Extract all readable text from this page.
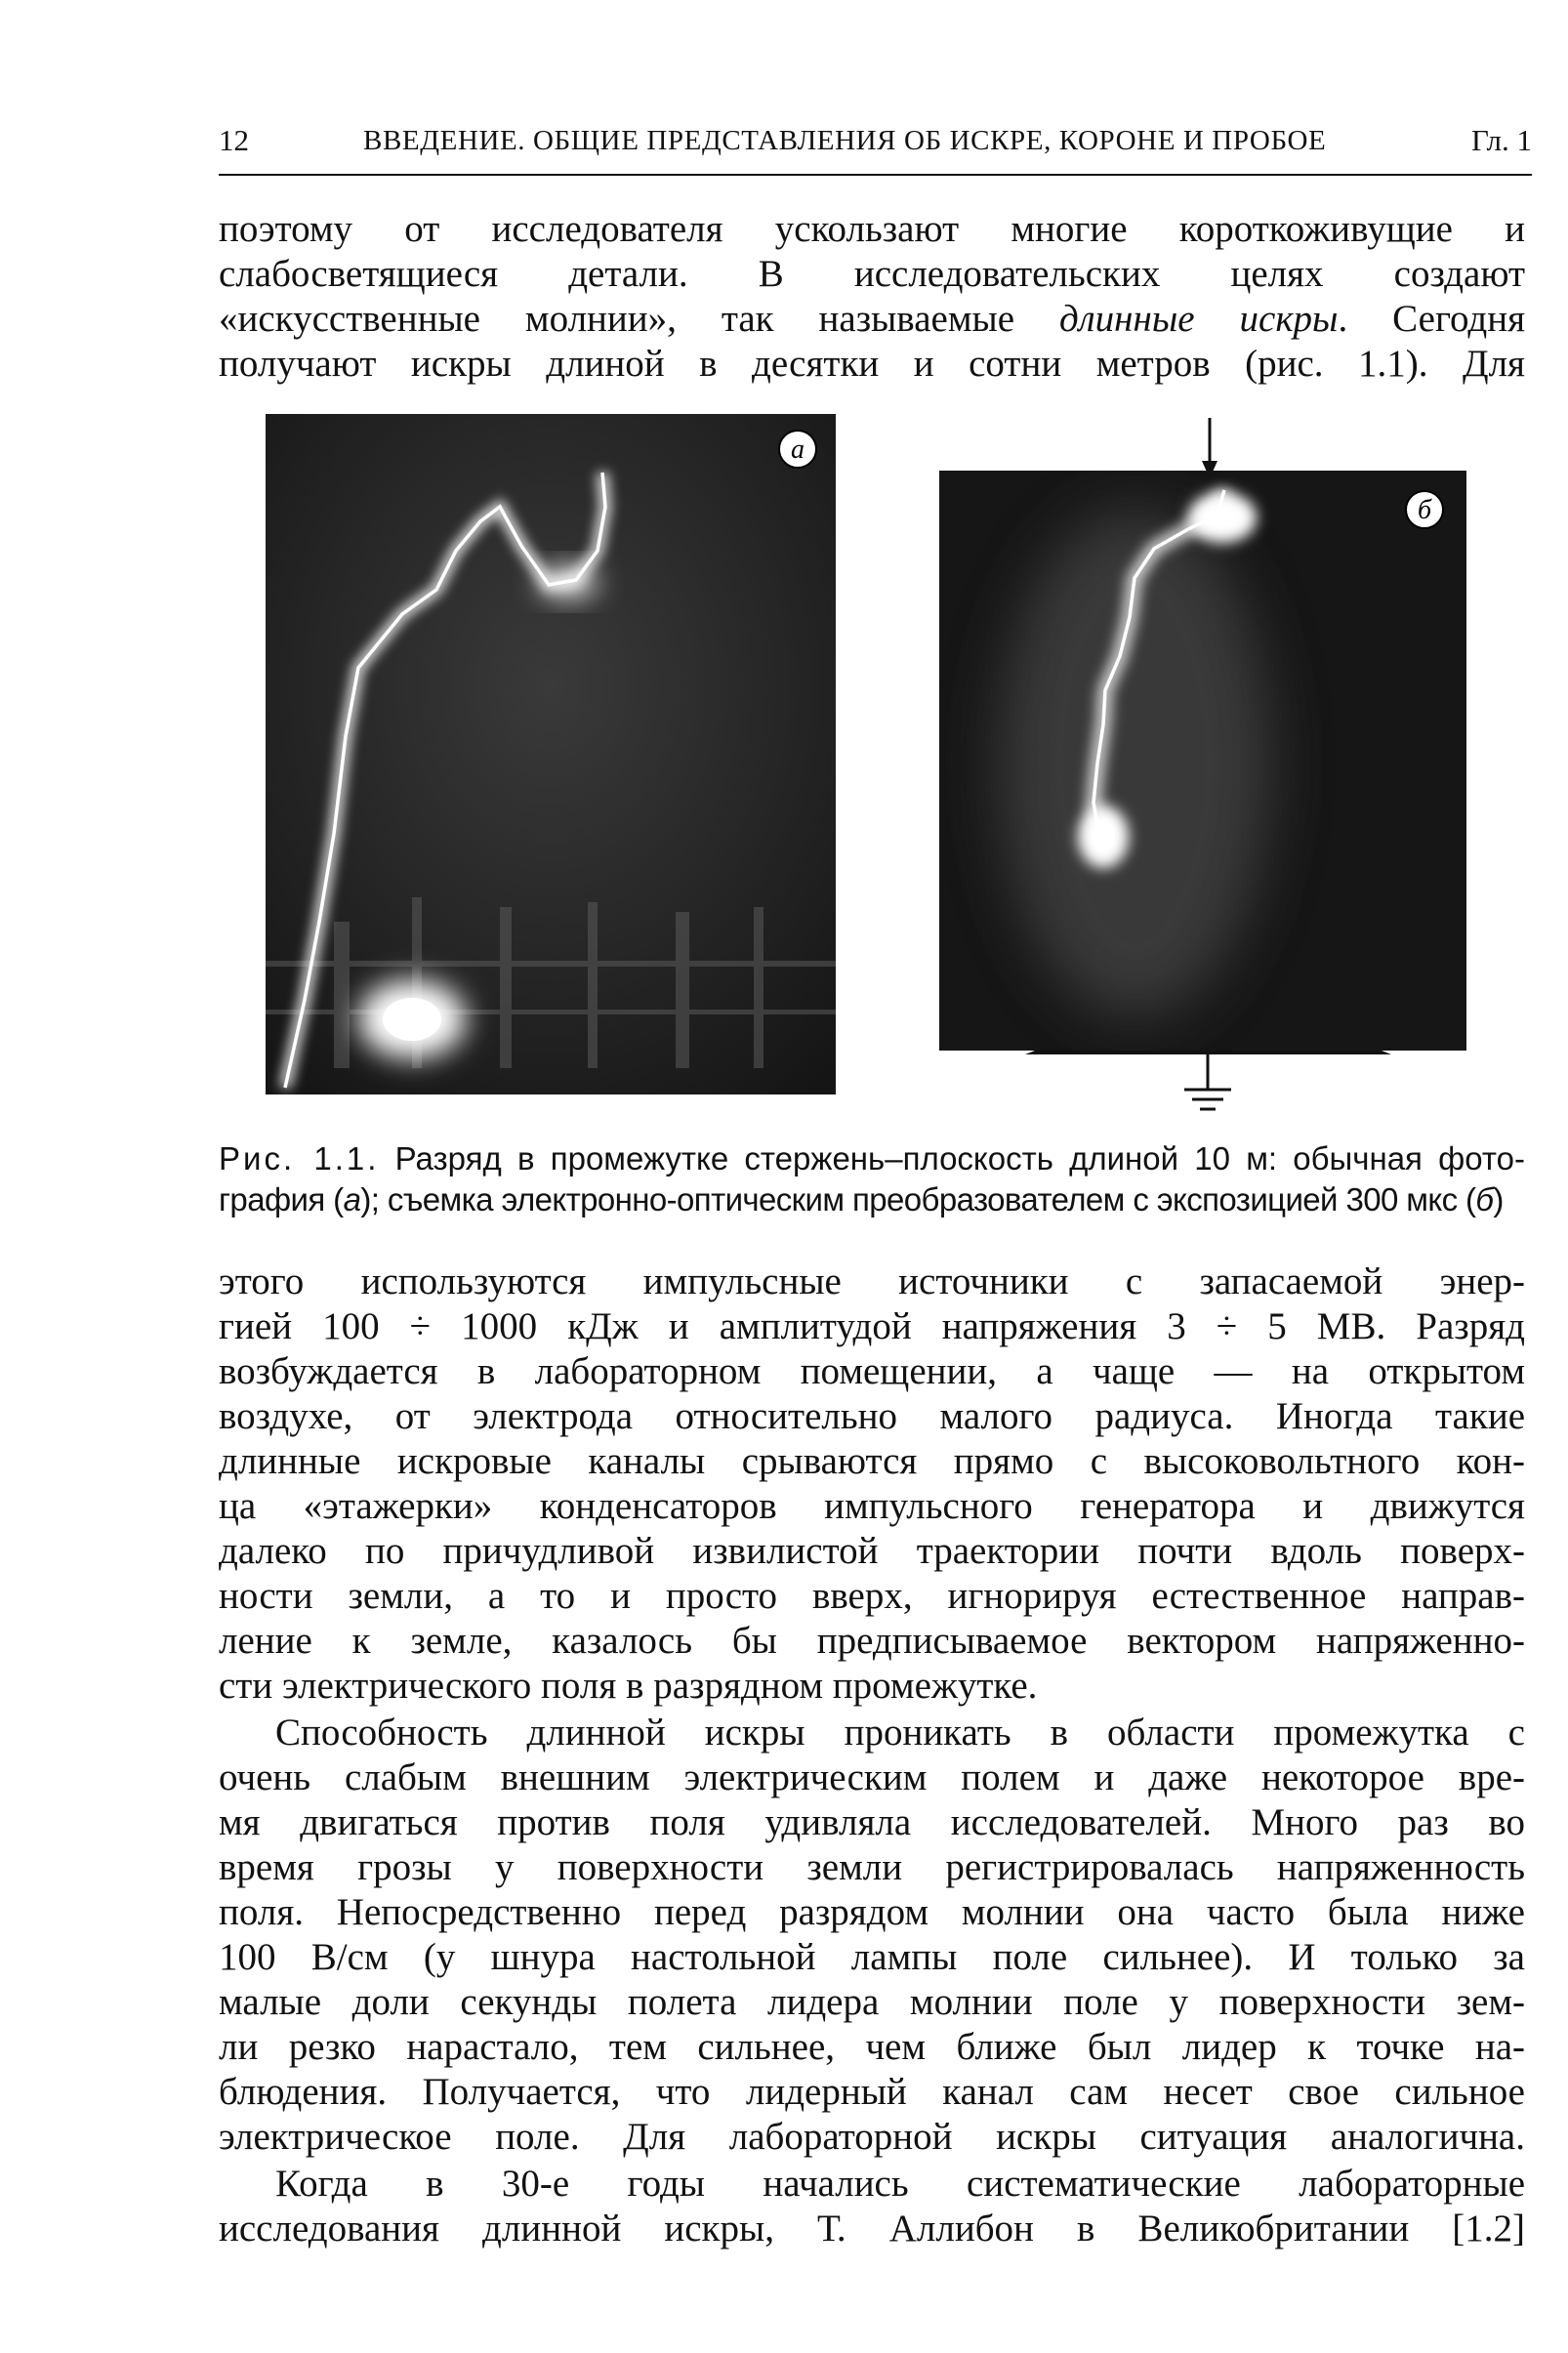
12	ВВЕДЕНИЕ. ОБЩИЕ ПРЕДСТАВЛЕНИЯ ОБ ИСКРЕ, КОРОНЕ И ПРОБОЕ	Гл. 1
поэтому от исследователя ускользают многие короткоживущие и
слабосветящиеся детали. В исследовательских целях создают
«искусственные молнии», так называемые длинные искры. Сегодня
получают искры длиной в десятки и сотни метров (рис. 1.1). Для
а
б
Рис. 1.1. Разряд в промежутке стержень–плоскость длиной 10 м: обычная фото-
графия (а); съемка электронно-оптическим преобразователем с экспозицией 300 мкс (б)
этого используются импульсные источники с запасаемой энер-
гией 100 ÷ 1000 кДж и амплитудой напряжения 3 ÷ 5 МВ. Разряд
возбуждается в лабораторном помещении, а чаще — на открытом
воздухе, от электрода относительно малого радиуса. Иногда такие
длинные искровые каналы срываются прямо с высоковольтного кон-
ца «этажерки» конденсаторов импульсного генератора и движутся
далеко по причудливой извилистой траектории почти вдоль поверх-
ности земли, а то и просто вверх, игнорируя естественное направ-
ление к земле, казалось бы предписываемое вектором напряженно-
сти электрического поля в разрядном промежутке.
Способность длинной искры проникать в области промежутка с
очень слабым внешним электрическим полем и даже некоторое вре-
мя двигаться против поля удивляла исследователей. Много раз во
время грозы у поверхности земли регистрировалась напряженность
поля. Непосредственно перед разрядом молнии она часто была ниже
100 В/см (у шнура настольной лампы поле сильнее). И только за
малые доли секунды полета лидера молнии поле у поверхности зем-
ли резко нарастало, тем сильнее, чем ближе был лидер к точке на-
блюдения. Получается, что лидерный канал сам несет свое сильное
электрическое поле. Для лабораторной искры ситуация аналогична.
Когда в 30-е годы начались систематические лабораторные
исследования длинной искры, Т. Аллибон в Великобритании [1.2]
